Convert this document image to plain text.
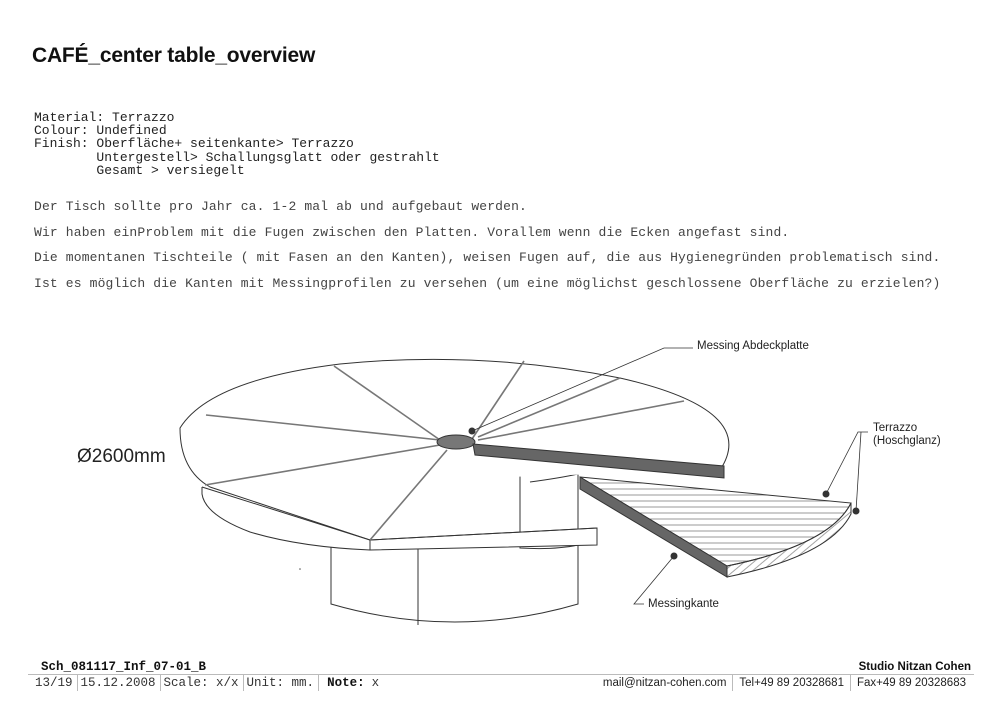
CAFÉ_center table_overview
Material: Terrazzo
Colour: Undefined
Finish: Oberfläche+ seitenkante> Terrazzo
Untergestell> Schallungsglatt oder gestrahlt
Gesamt > versiegelt
Der Tisch sollte pro Jahr ca. 1-2 mal ab und aufgebaut werden.
Wir haben einProblem mit die Fugen zwischen den Platten. Vorallem wenn die Ecken angefast sind.
Die momentanen Tischteile ( mit Fasen an den Kanten), weisen Fugen auf, die aus Hygienegründen problematisch sind.
Ist es möglich die Kanten mit Messingprofilen zu versehen (um eine möglichst geschlossene Oberfläche zu erzielen?)
Ø2600mm
Messing Abdeckplatte
Terrazzo
(Hoschglanz)
Messingkante
Sch_081117_Inf_07-01_B	Studio Nitzan Cohen
13/19 15.12.2008 Scale: x/x Unit: mm.	Note: x	mail@nitzan-cohen.com	Tel+49 89 20328681	Fax+49 89 20328683
